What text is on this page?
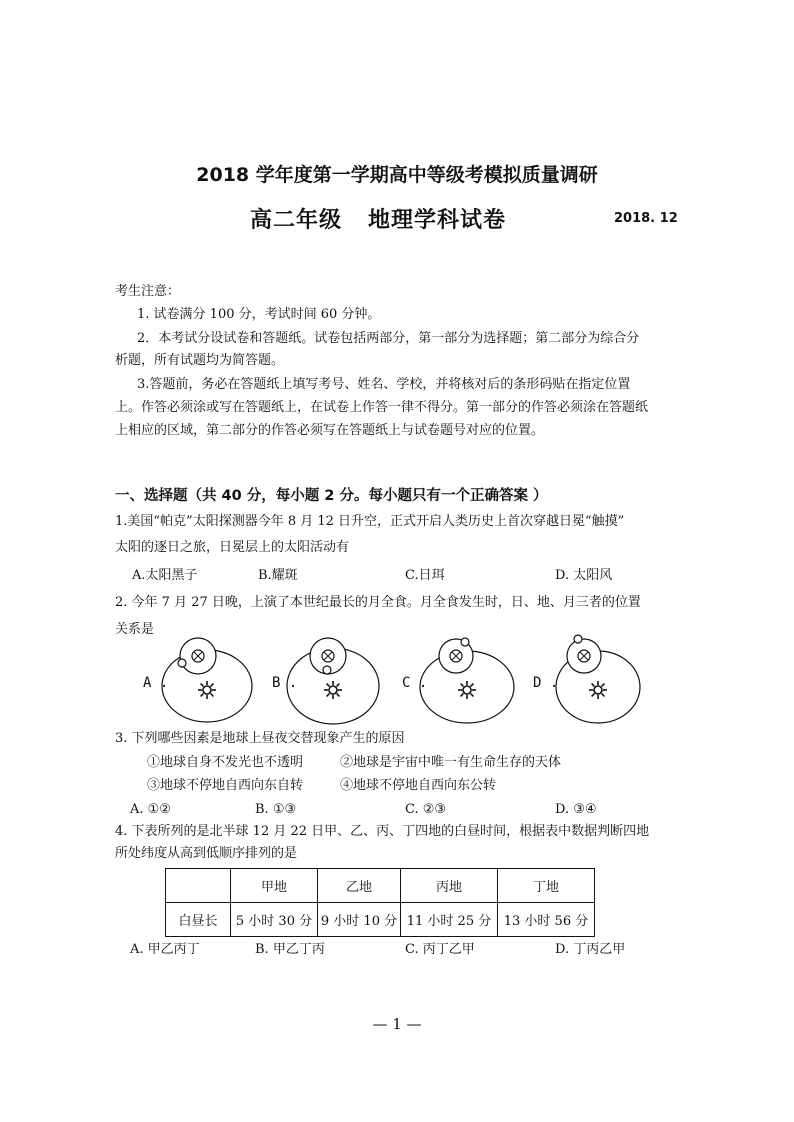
2018 学年度第一学期高中等级考模拟质量调研
高二年级   地理学科试卷	2018. 12
考生注意：
1. 试卷满分 100 分，考试时间 60 分钟。
2．本考试分设试卷和答题纸。试卷包括两部分，第一部分为选择题；第二部分为综合分
析题，所有试题均为简答题。
3.答题前，务必在答题纸上填写考号、姓名、学校，并将核对后的条形码贴在指定位置
上。作答必须涂或写在答题纸上，在试卷上作答一律不得分。第一部分的作答必须涂在答题纸
上相应的区域，第二部分的作答必须写在答题纸上与试卷题号对应的位置。
一、选择题（共 40 分，每小题 2 分。每小题只有一个正确答案 ）
1.美国“帕克”太阳探测器今年 8 月 12 日升空，正式开启人类历史上首次穿越日冕“触摸”
太阳的逐日之旅，日冕层上的太阳活动有
A.太阳黑子	B.耀斑	C.日珥	D. 太阳风
2. 今年 7 月 27 日晚，上演了本世纪最长的月全食。月全食发生时，日、地、月三者的位置
关系是
A .	B .	C .	D .
3. 下列哪些因素是地球上昼夜交替现象产生的原因
①地球自身不发光也不透明	②地球是宇宙中唯一有生命生存的天体
③地球不停地自西向东自转	④地球不停地自西向东公转
A. ①②	B. ①③	C. ②③	D. ③④
4. 下表所列的是北半球 12 月 22 日甲、乙、丙、丁四地的白昼时间，根据表中数据判断四地
所处纬度从高到低顺序排列的是
	甲地	乙地	丙地	丁地
白昼长	5 小时 30 分	9 小时 10 分	11 小时 25 分	13 小时 56 分
A. 甲乙丙丁	B. 甲乙丁丙	C. 丙丁乙甲	D. 丁丙乙甲
— 1 —
